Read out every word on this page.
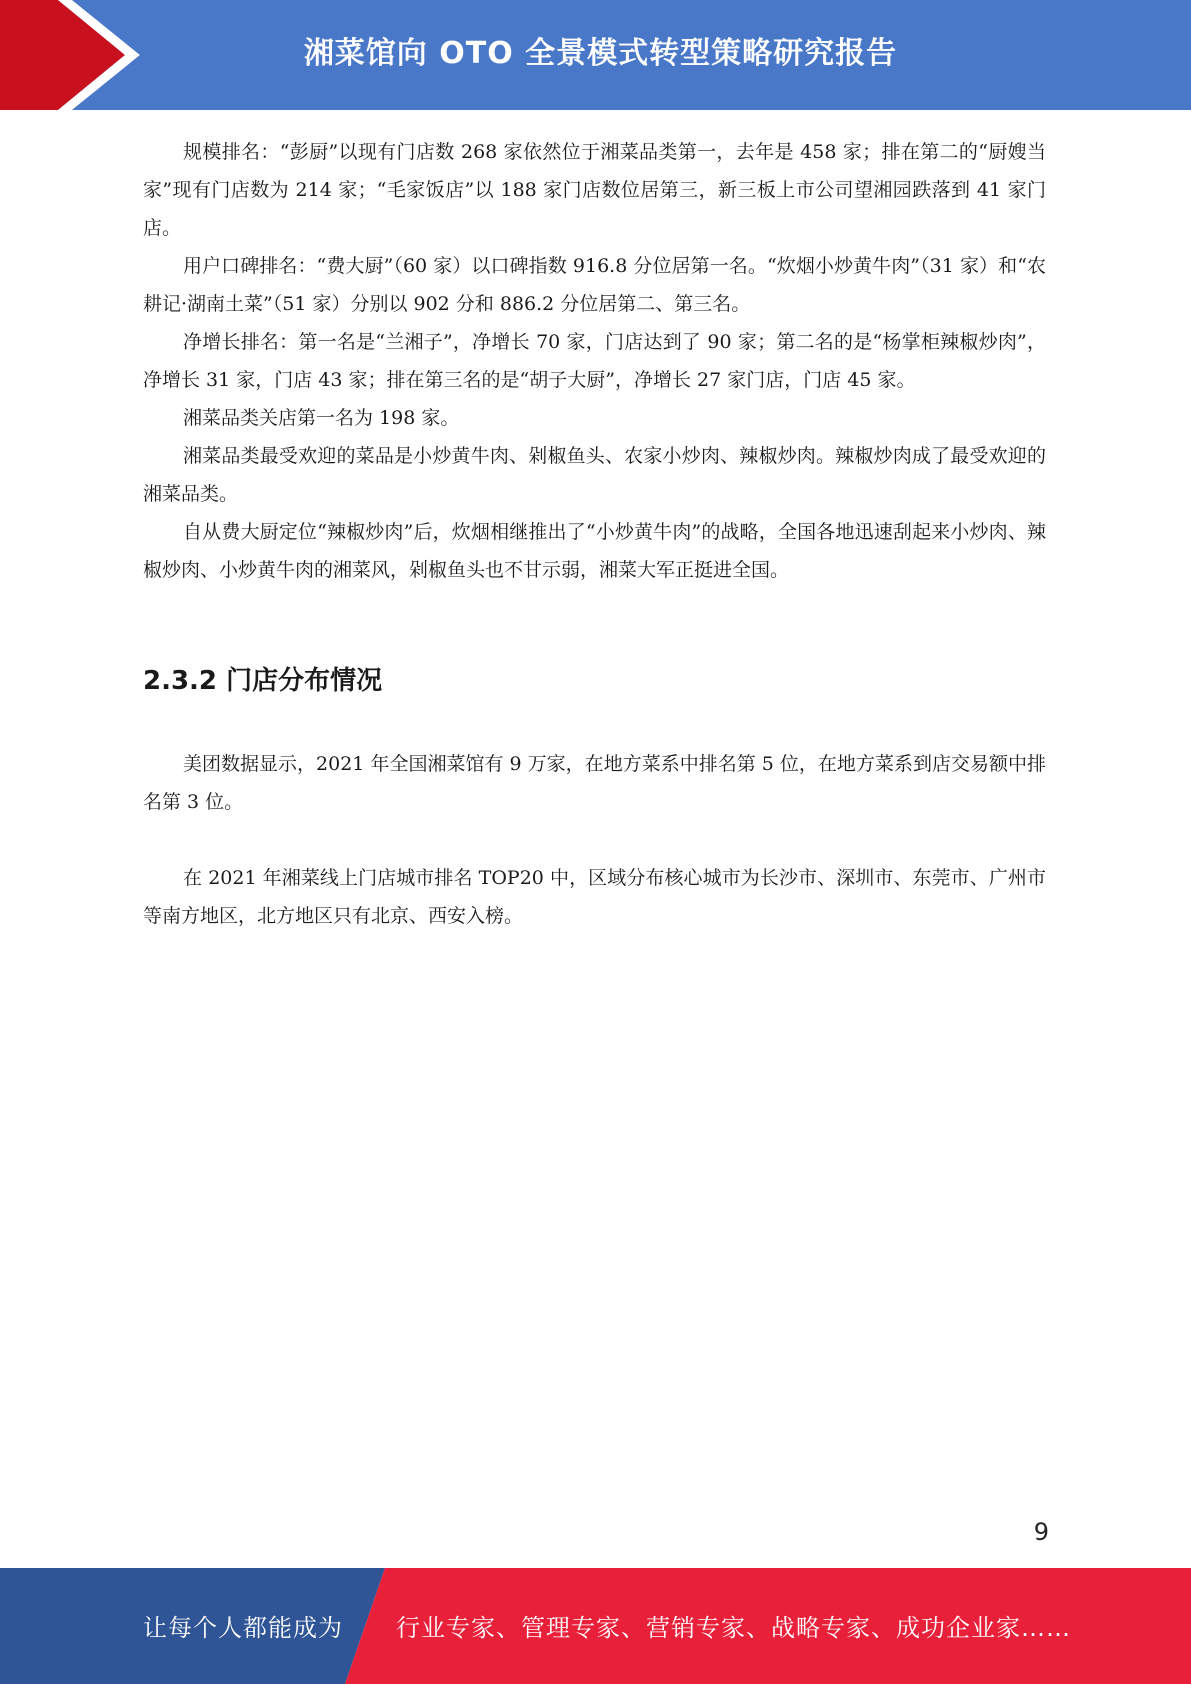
湘菜馆向 OTO 全景模式转型策略研究报告

规模排名：“彭厨”以现有门店数 268 家依然位于湘菜品类第一，去年是 458 家；排在第二的“厨嫂当家”现有门店数为 214 家；“毛家饭店”以 188 家门店数位居第三，新三板上市公司望湘园跌落到 41 家门店。

用户口碑排名：“费大厨”（60 家）以口碑指数 916.8 分位居第一名。“炊烟小炒黄牛肉”（31 家）和“农耕记·湖南土菜”（51 家）分别以 902 分和 886.2 分位居第二、第三名。

净增长排名：第一名是“兰湘子”，净增长 70 家，门店达到了 90 家；第二名的是“杨掌柜辣椒炒肉”，净增长 31 家，门店 43 家；排在第三名的是“胡子大厨”，净增长 27 家门店，门店 45 家。

湘菜品类关店第一名为 198 家。

湘菜品类最受欢迎的菜品是小炒黄牛肉、剁椒鱼头、农家小炒肉、辣椒炒肉。辣椒炒肉成了最受欢迎的湘菜品类。

自从费大厨定位“辣椒炒肉”后，炊烟相继推出了“小炒黄牛肉”的战略，全国各地迅速刮起来小炒肉、辣椒炒肉、小炒黄牛肉的湘菜风，剁椒鱼头也不甘示弱，湘菜大军正挺进全国。

2.3.2 门店分布情况

美团数据显示，2021 年全国湘菜馆有 9 万家，在地方菜系中排名第 5 位，在地方菜系到店交易额中排名第 3 位。

在 2021 年湘菜线上门店城市排名 TOP20 中，区域分布核心城市为长沙市、深圳市、东莞市、广州市等南方地区，北方地区只有北京、西安入榜。

9
让每个人都能成为 行业专家、管理专家、营销专家、战略专家、成功企业家……
